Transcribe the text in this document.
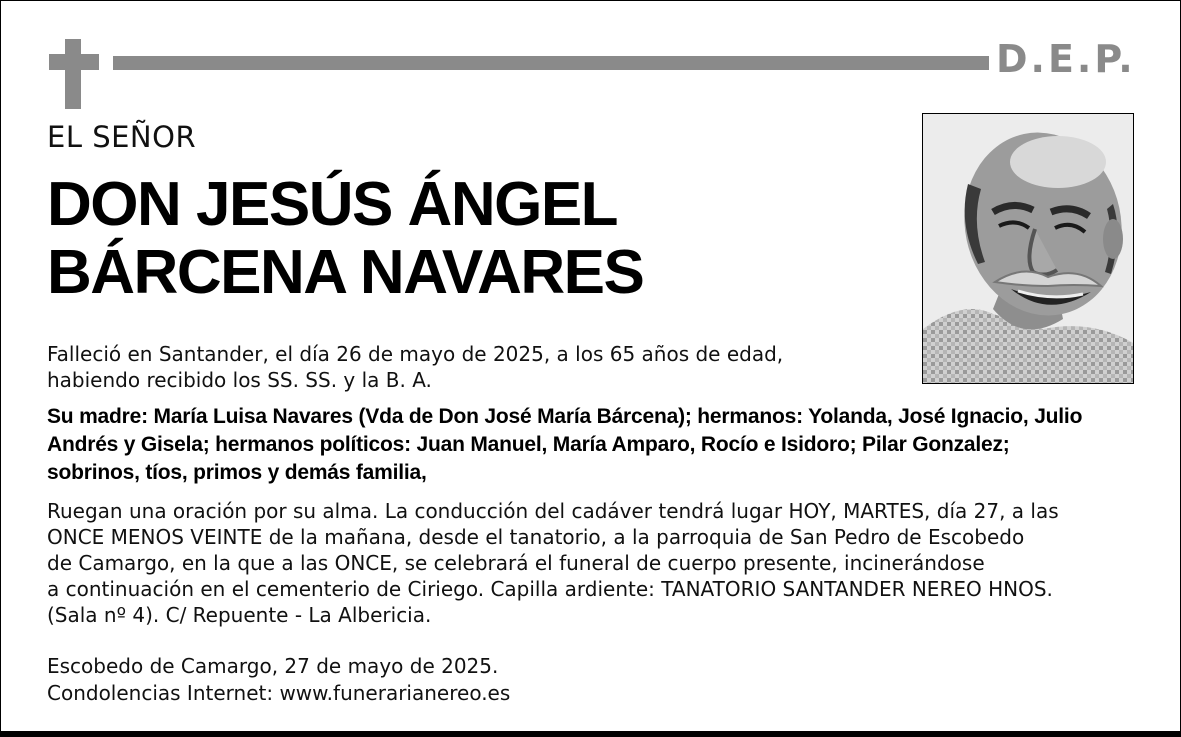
D.E.P.
EL SEÑOR
DON JESÚS ÁNGEL
BÁRCENA NAVARES

Falleció en Santander, el día 26 de mayo de 2025, a los 65 años de edad,
habiendo recibido los SS. SS. y la B. A.

Su madre: María Luisa Navares (Vda de Don José María Bárcena); hermanos: Yolanda, José Ignacio, Julio
Andrés y Gisela; hermanos políticos: Juan Manuel, María Amparo, Rocío e Isidoro; Pilar Gonzalez;
sobrinos, tíos, primos y demás familia,

Ruegan una oración por su alma. La conducción del cadáver tendrá lugar HOY, MARTES, día 27, a las
ONCE MENOS VEINTE de la mañana, desde el tanatorio, a la parroquia de San Pedro de Escobedo
de Camargo, en la que a las ONCE, se celebrará el funeral de cuerpo presente, incinerándose
a continuación en el cementerio de Ciriego. Capilla ardiente: TANATORIO SANTANDER NEREO HNOS.
(Sala nº 4). C/ Repuente - La Albericia.

Escobedo de Camargo, 27 de mayo de 2025.
Condolencias Internet: www.funerarianereo.es
